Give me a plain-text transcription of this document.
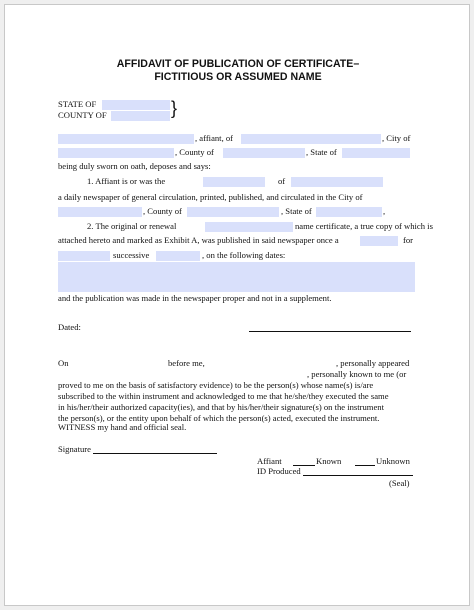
AFFIDAVIT OF PUBLICATION OF CERTIFICATE–
FICTITIOUS OR ASSUMED NAME
STATE OF
COUNTY OF	}
, affiant, of	, City of
, County of	, State of
being duly sworn on oath, deposes and says:
1. Affiant is or was the	of
a daily newspaper of general circulation, printed, published, and circulated in the City of
, County of	, State of	,
2. The original or renewal	name certificate, a true copy of which is
attached hereto and marked as Exhibit A, was published in said newspaper once a	for
successive	, on the following dates:
and the publication was made in the newspaper proper and not in a supplement.
Dated:
On	before me,	, personally appeared
, personally known to me (or
proved to me on the basis of satisfactory evidence) to be the person(s) whose name(s) is/are
subscribed to the within instrument and acknowledged to me that he/she/they executed the same
in his/her/their authorized capacity(ies), and that by his/her/their signature(s) on the instrument
the person(s), or the entity upon behalf of which the person(s) acted, executed the instrument.
WITNESS my hand and official seal.
Signature
Affiant	Known	Unknown
ID Produced
(Seal)
